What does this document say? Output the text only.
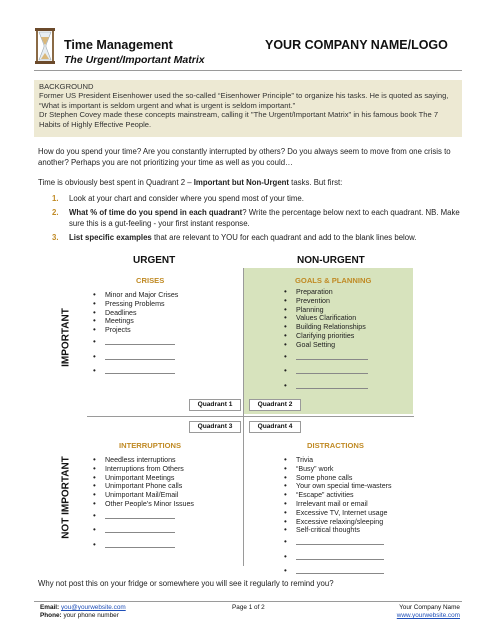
Time Management
The Urgent/Important Matrix
YOUR COMPANY NAME/LOGO

BACKGROUND

Former US President Eisenhower used the so-called “Eisenhower Principle” to organize his tasks. He is quoted as saying, “What is important is seldom urgent and what is urgent is seldom important.”

Dr Stephen Covey made these concepts mainstream, calling it "The Urgent/Important Matrix" in his famous book The 7 Habits of Highly Effective People.

How do you spend your time? Are you constantly interrupted by others? Do you always seem to move from one crisis to another? Perhaps you are not prioritizing your time as well as you could…
Time is obviously best spent in Quadrant 2 – Important but Non-Urgent tasks. But first:
1. Look at your chart and consider where you spend most of your time.
2. What % of time do you spend in each quadrant? Write the percentage below next to each quadrant. NB. Make sure this is a gut-feeling - your first instant response.
3. List specific examples that are relevant to YOU for each quadrant and add to the blank lines below.
URGENT	NON-URGENT
IMPORTANT
NOT IMPORTANT
CRISES
• Minor and Major Crises
• Pressing Problems
• Deadlines
• Meetings
• Projects
•
•
•
Quadrant 1
GOALS & PLANNING
• Preparation
• Prevention
• Planning
• Values Clarification
• Building Relationships
• Clarifying priorities
• Goal Setting
•
•
•
Quadrant 2
Quadrant 3
INTERRUPTIONS
• Needless interruptions
• Interruptions from Others
• Unimportant Meetings
• Unimportant Phone calls
• Unimportant Mail/Email
• Other People’s Minor Issues
•
•
•
Quadrant 4
DISTRACTIONS
• Trivia
• “Busy” work
• Some phone calls
• Your own special time-wasters
• “Escape” activities
• Irrelevant mail or email
• Excessive TV, Internet usage
• Excessive relaxing/sleeping
• Self-critical thoughts
•
•
•
Why not post this on your fridge or somewhere you will see it regularly to remind you?
Email: you@yourwebsite.com
Phone: your phone number
Page 1 of 2	Your Company Name
www.yourwebsite.com
